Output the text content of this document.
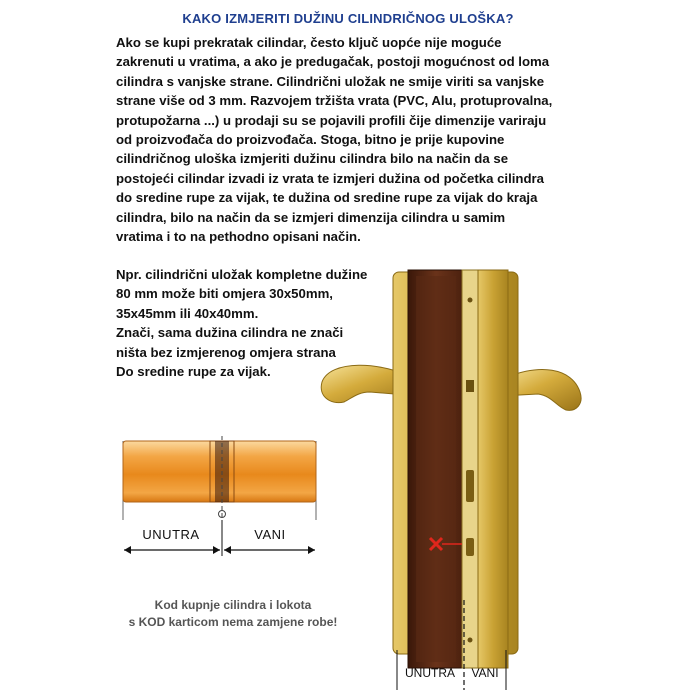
KAKO IZMJERITI DUŽINU CILINDRIČNOG ULOŠKA?
Ako se kupi prekratak cilindar, često ključ uopće nije moguće
zakrenuti u vratima, a ako je predugačak, postoji mogućnost od loma
cilindra s vanjske strane. Cilindrični uložak ne smije viriti sa vanjske
strane više od 3 mm. Razvojem tržišta vrata (PVC, Alu, protuprovalna,
protupožarna ...) u prodaji su se pojavili profili čije dimenzije variraju
od proizvođača do proizvođača. Stoga, bitno je prije kupovine
cilindričnog uloška izmjeriti dužinu cilindra bilo na način da se
postojeći cilindar izvadi iz vrata te izmjeri dužina od početka cilindra
do sredine rupe za vijak, te dužina od sredine rupe za vijak do kraja
cilindra, bilo na način da se izmjeri dimenzija cilindra u samim
vratima i to na pethodno opisani način.
UNUTRA	VANI
UNUTRA VANI
Npr. cilindrični uložak kompletne dužine
80 mm može biti omjera 30x50mm,
35x45mm ili 40x40mm.
Znači, sama dužina cilindra ne znači
ništa bez izmjerenog omjera strana
Do sredine rupe za vijak.
Kod kupnje cilindra i lokota
s KOD karticom nema zamjene robe!
